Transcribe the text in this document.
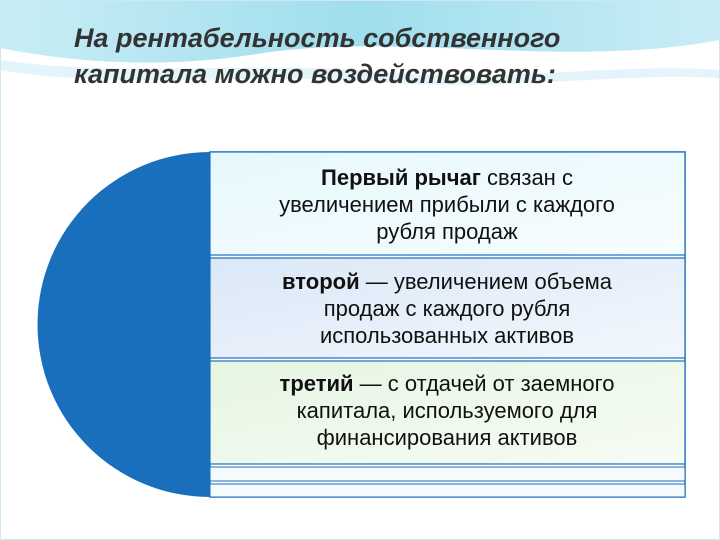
На рентабельность собственного
капитала можно воздействовать:
Первый рычаг связан с
увеличением прибыли с каждого
рубля продаж
второй — увеличением объема
продаж с каждого рубля
использованных активов
третий — с отдачей от заемного
капитала, используемого для
финансирования активов
